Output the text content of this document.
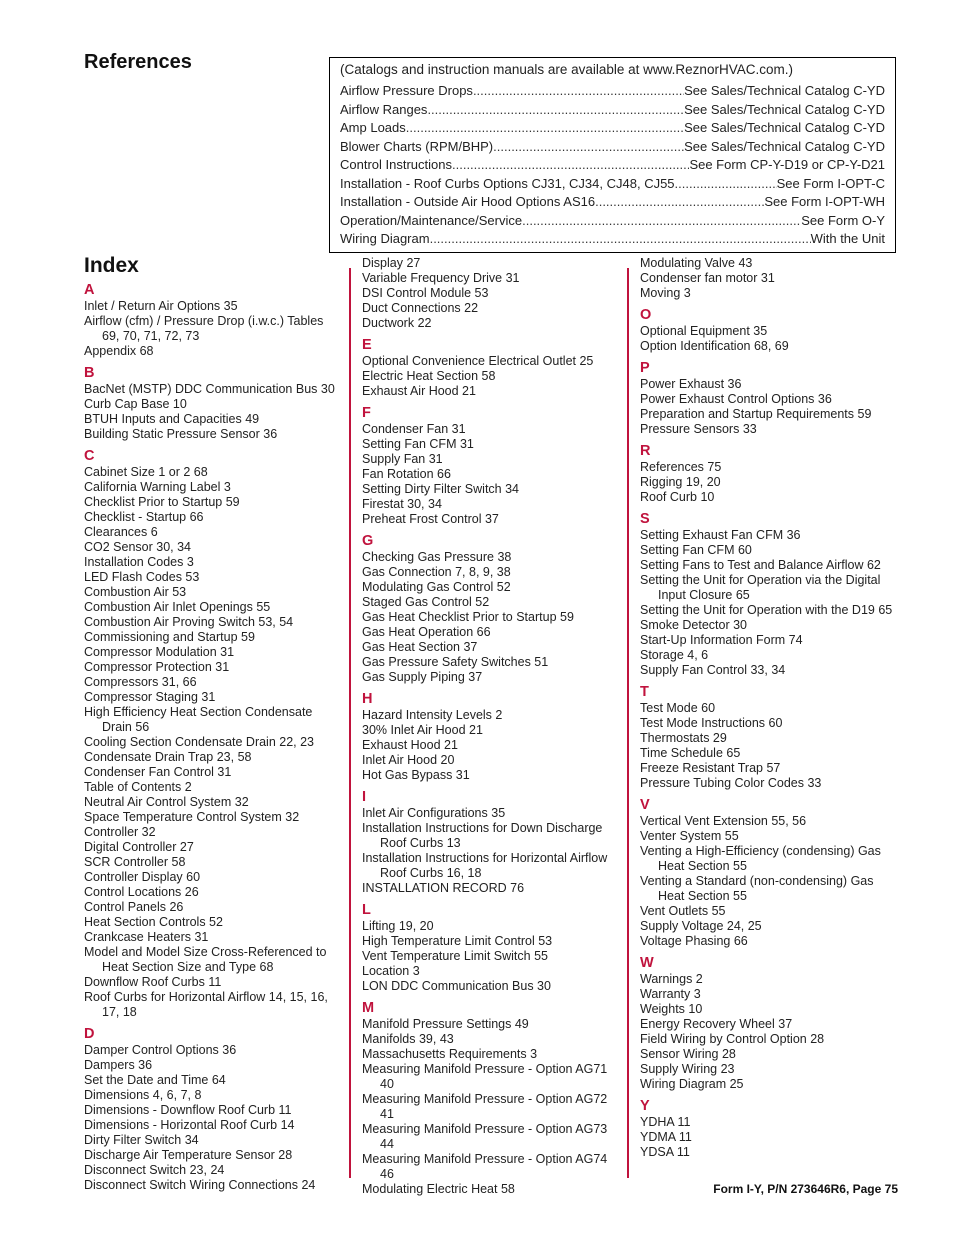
References	(Catalogs and instruction manuals are available at www.ReznorHVAC.com.)
Airflow Pressure Drops .....	See Sales/Technical Catalog C-YD
Airflow Ranges .....	See Sales/Technical Catalog C-YD
Amp Loads .....	See Sales/Technical Catalog C-YD
Blower Charts (RPM/BHP) .....	See Sales/Technical Catalog C-YD
Control Instructions .....	See Form CP-Y-D19 or CP-Y-D21
Installation - Roof Curbs Options CJ31, CJ34, CJ48, CJ55 .....	See Form I-OPT-C
Installation - Outside Air Hood Options AS16 .....	See Form I-OPT-WH
Operation/Maintenance/Service .....	See Form O-Y
Wiring Diagram .....	With the Unit
Index
A
Inlet / Return Air Options 35
Airflow (cfm) / Pressure Drop (i.w.c.) Tables 69, 70, 71, 72, 73
Appendix 68
B
BacNet (MSTP) DDC Communication Bus 30
Curb Cap Base 10
BTUH Inputs and Capacities 49
Building Static Pressure Sensor 36
C
Cabinet Size 1 or 2 68
California Warning Label 3
Checklist Prior to Startup 59
Checklist - Startup 66
Clearances 6
CO2 Sensor 30, 34
Installation Codes 3
LED Flash Codes 53
Combustion Air 53
Combustion Air Inlet Openings 55
Combustion Air Proving Switch 53, 54
Commissioning and Startup 59
Compressor Modulation 31
Compressor Protection 31
Compressors 31, 66
Compressor Staging 31
High Efficiency Heat Section Condensate Drain 56
Cooling Section Condensate Drain 22, 23
Condensate Drain Trap 23, 58
Condenser Fan Control 31
Table of Contents 2
Neutral Air Control System 32
Space Temperature Control System 32
Controller 32
Digital Controller 27
SCR Controller 58
Controller Display 60
Control Locations 26
Control Panels 26
Heat Section Controls 52
Crankcase Heaters 31
Model and Model Size Cross-Referenced to Heat Section Size and Type 68
Downflow Roof Curbs 11
Roof Curbs for Horizontal Airflow 14, 15, 16, 17, 18
D
Damper Control Options 36
Dampers 36
Set the Date and Time 64
Dimensions 4, 6, 7, 8
Dimensions - Downflow Roof Curb 11
Dimensions - Horizontal Roof Curb 14
Dirty Filter Switch 34
Discharge Air Temperature Sensor 28
Disconnect Switch 23, 24
Disconnect Switch Wiring Connections 24
Display 27
Variable Frequency Drive 31
DSI Control Module 53
Duct Connections 22
Ductwork 22
E
Optional Convenience Electrical Outlet 25
Electric Heat Section 58
Exhaust Air Hood 21
F
Condenser Fan 31
Setting Fan CFM 31
Supply Fan 31
Fan Rotation 66
Setting Dirty Filter Switch 34
Firestat 30, 34
Preheat Frost Control 37
G
Checking Gas Pressure 38
Gas Connection 7, 8, 9, 38
Modulating Gas Control 52
Staged Gas Control 52
Gas Heat Checklist Prior to Startup 59
Gas Heat Operation 66
Gas Heat Section 37
Gas Pressure Safety Switches 51
Gas Supply Piping 37
H
Hazard Intensity Levels 2
30% Inlet Air Hood 21
Exhaust Hood 21
Inlet Air Hood 20
Hot Gas Bypass 31
I
Inlet Air Configurations 35
Installation Instructions for Down Discharge Roof Curbs 13
Installation Instructions for Horizontal Airflow Roof Curbs 16, 18
INSTALLATION RECORD 76
L
Lifting 19, 20
High Temperature Limit Control 53
Vent Temperature Limit Switch 55
Location 3
LON DDC Communication Bus 30
M
Manifold Pressure Settings 49
Manifolds 39, 43
Massachusetts Requirements 3
Measuring Manifold Pressure - Option AG71 40
Measuring Manifold Pressure - Option AG72 41
Measuring Manifold Pressure - Option AG73 44
Measuring Manifold Pressure - Option AG74 46
Modulating Electric Heat 58
Modulating Valve 43
Condenser fan motor 31
Moving 3
O
Optional Equipment 35
Option Identification 68, 69
P
Power Exhaust 36
Power Exhaust Control Options 36
Preparation and Startup Requirements 59
Pressure Sensors 33
R
References 75
Rigging 19, 20
Roof Curb 10
S
Setting Exhaust Fan CFM 36
Setting Fan CFM 60
Setting Fans to Test and Balance Airflow 62
Setting the Unit for Operation via the Digital Input Closure 65
Setting the Unit for Operation with the D19 65
Smoke Detector 30
Start-Up Information Form 74
Storage 4, 6
Supply Fan Control 33, 34
T
Test Mode 60
Test Mode Instructions 60
Thermostats 29
Time Schedule 65
Freeze Resistant Trap 57
Pressure Tubing Color Codes 33
V
Vertical Vent Extension 55, 56
Venter System 55
Venting a High-Efficiency (condensing) Gas Heat Section 55
Venting a Standard (non-condensing) Gas Heat Section 55
Vent Outlets 55
Supply Voltage 24, 25
Voltage Phasing 66
W
Warnings 2
Warranty 3
Weights 10
Energy Recovery Wheel 37
Field Wiring by Control Option 28
Sensor Wiring 28
Supply Wiring 23
Wiring Diagram 25
Y
YDHA 11
YDMA 11
YDSA 11
Form I-Y, P/N 273646R6, Page 75
